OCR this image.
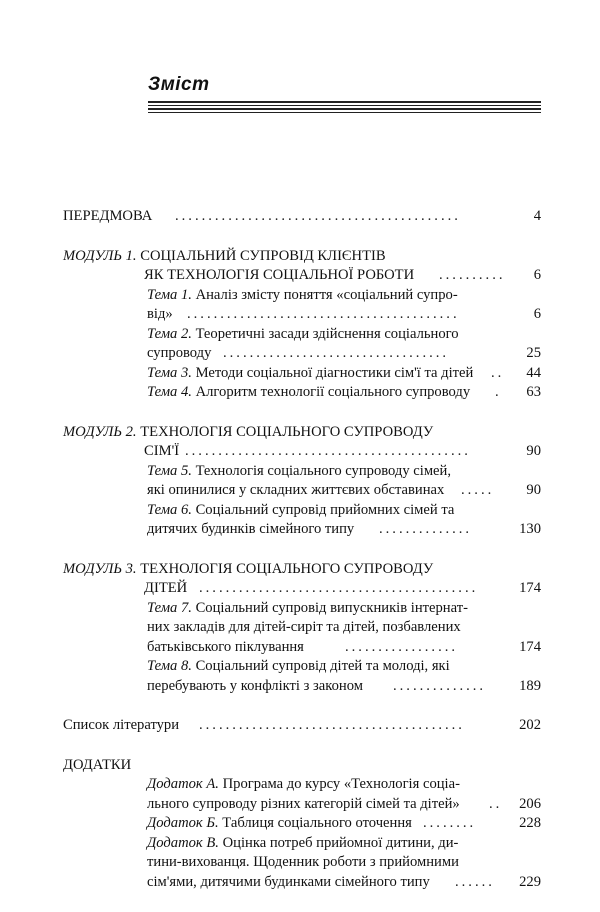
Зміст
ПЕРЕДМОВА ...........................................	4
МОДУЛЬ 1. СОЦІАЛЬНИЙ СУПРОВІД КЛІЄНТІВ
ЯК ТЕХНОЛОГІЯ СОЦІАЛЬНОЇ РОБОТИ .......... 6
Тема 1. Аналіз змісту поняття «соціальний супро-
від» .........................................	6
Тема 2. Теоретичні засади здійснення соціального
супроводу ..................................	25
Тема 3. Методи соціальної діагностики сім'ї та дітей .. 44
Тема 4. Алгоритм технології соціального супроводу . 63
МОДУЛЬ 2. ТЕХНОЛОГІЯ СОЦІАЛЬНОГО СУПРОВОДУ
СІМ'Ї ...........................................	90
Тема 5. Технологія соціального супроводу сімей,
які опинилися у складних життєвих обставинах .....	90
Тема 6. Соціальний супровід прийомних сімей та
дитячих будинків сімейного типу ..............	130
МОДУЛЬ 3. ТЕХНОЛОГІЯ СОЦІАЛЬНОГО СУПРОВОДУ
ДІТЕЙ ..........................................	174
Тема 7. Соціальний супровід випускників інтернат-
них закладів для дітей-сиріт та дітей, позбавлених
батьківського піклування	.................	174
Тема 8. Соціальний супровід дітей та молоді, які
перебувають у конфлікті з законом ..............	189
Список літератури ........................................	202
ДОДАТКИ
Додаток А. Програма до курсу «Технологія соціа-
льного супроводу різних категорій сімей та дітей» .. 206
Додаток Б. Таблиця соціального оточення ........	228
Додаток В. Оцінка потреб прийомної дитини, ди-
тини-вихованця. Щоденник роботи з прийомними
сім'ями, дитячими будинками сімейного типу ......	229
